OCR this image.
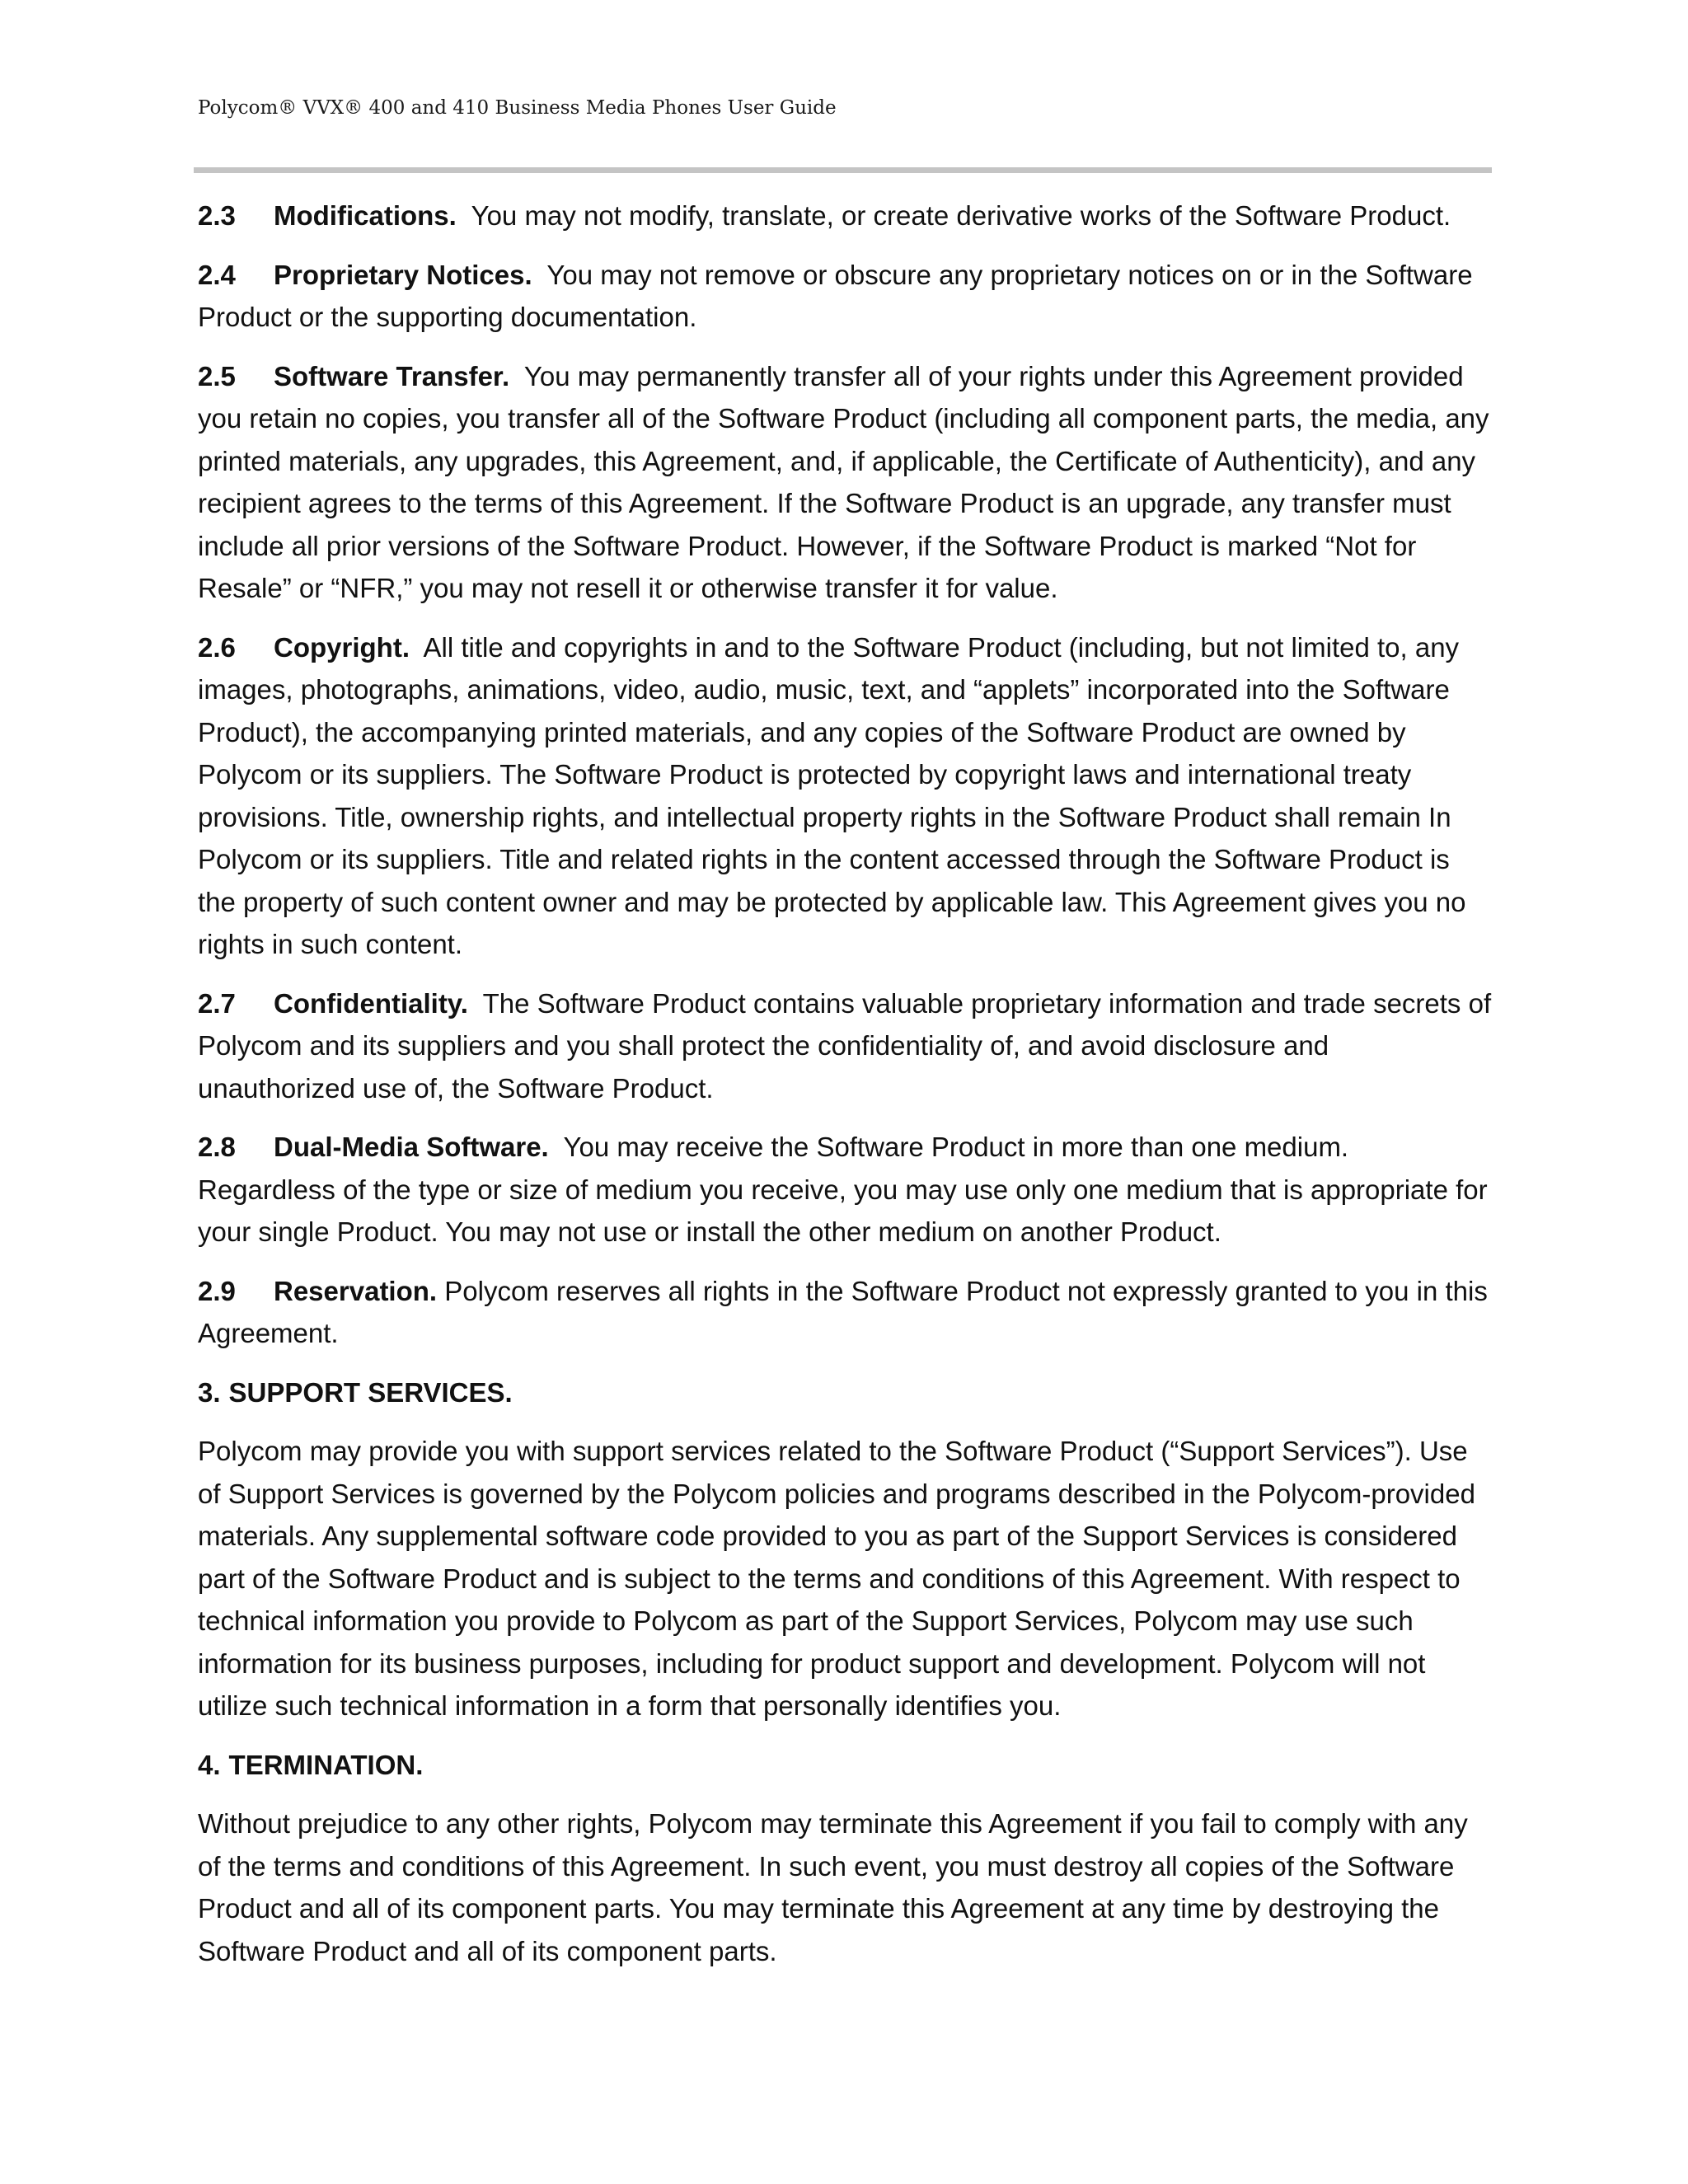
Polycom® VVX® 400 and 410 Business Media Phones User Guide

2.3 Modifications. You may not modify, translate, or create derivative works of the Software Product.

2.4 Proprietary Notices. You may not remove or obscure any proprietary notices on or in the Software Product or the supporting documentation.

2.5 Software Transfer. You may permanently transfer all of your rights under this Agreement provided you retain no copies, you transfer all of the Software Product (including all component parts, the media, any printed materials, any upgrades, this Agreement, and, if applicable, the Certificate of Authenticity), and any recipient agrees to the terms of this Agreement. If the Software Product is an upgrade, any transfer must include all prior versions of the Software Product. However, if the Software Product is marked “Not for Resale” or “NFR,” you may not resell it or otherwise transfer it for value.

2.6 Copyright. All title and copyrights in and to the Software Product (including, but not limited to, any images, photographs, animations, video, audio, music, text, and “applets” incorporated into the Software Product), the accompanying printed materials, and any copies of the Software Product are owned by Polycom or its suppliers. The Software Product is protected by copyright laws and international treaty provisions. Title, ownership rights, and intellectual property rights in the Software Product shall remain In Polycom or its suppliers. Title and related rights in the content accessed through the Software Product is the property of such content owner and may be protected by applicable law. This Agreement gives you no rights in such content.

2.7 Confidentiality. The Software Product contains valuable proprietary information and trade secrets of Polycom and its suppliers and you shall protect the confidentiality of, and avoid disclosure and unauthorized use of, the Software Product.

2.8 Dual-Media Software. You may receive the Software Product in more than one medium. Regardless of the type or size of medium you receive, you may use only one medium that is appropriate for your single Product. You may not use or install the other medium on another Product.

2.9 Reservation. Polycom reserves all rights in the Software Product not expressly granted to you in this Agreement.

3. SUPPORT SERVICES.

Polycom may provide you with support services related to the Software Product (“Support Services”). Use of Support Services is governed by the Polycom policies and programs described in the Polycom-provided materials. Any supplemental software code provided to you as part of the Support Services is considered part of the Software Product and is subject to the terms and conditions of this Agreement. With respect to technical information you provide to Polycom as part of the Support Services, Polycom may use such information for its business purposes, including for product support and development. Polycom will not utilize such technical information in a form that personally identifies you.

4. TERMINATION.

Without prejudice to any other rights, Polycom may terminate this Agreement if you fail to comply with any of the terms and conditions of this Agreement. In such event, you must destroy all copies of the Software Product and all of its component parts. You may terminate this Agreement at any time by destroying the Software Product and all of its component parts.
